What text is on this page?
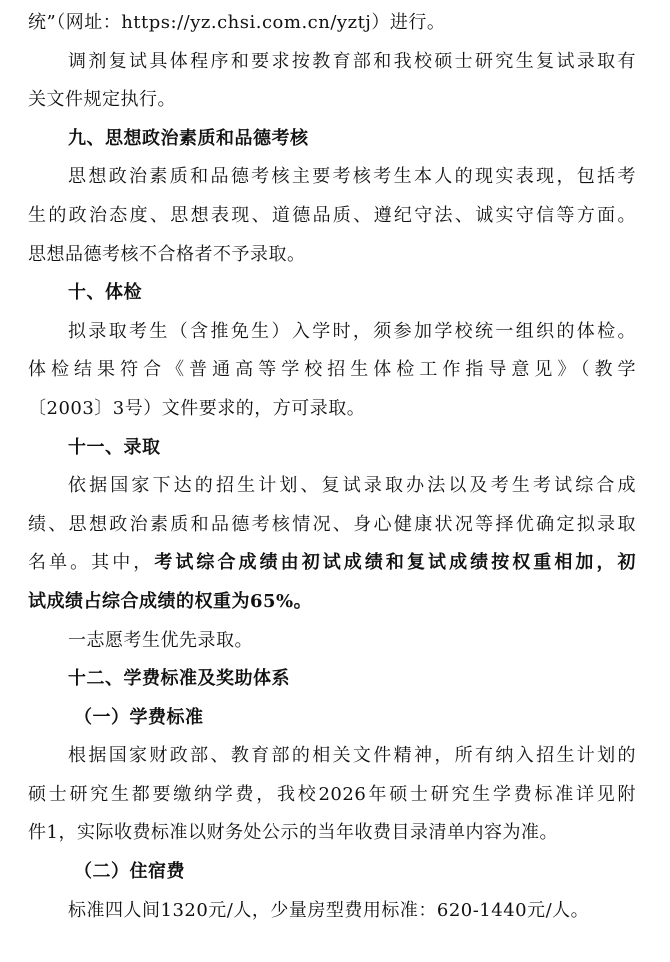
统”（网址：https://yz.chsi.com.cn/yztj）进行。
调剂复试具体程序和要求按教育部和我校硕士研究生复试录取有
关文件规定执行。
九、思想政治素质和品德考核
思想政治素质和品德考核主要考核考生本人的现实表现，包括考
生的政治态度、思想表现、道德品质、遵纪守法、诚实守信等方面。
思想品德考核不合格者不予录取。
十、体检
拟录取考生（含推免生）入学时，须参加学校统一组织的体检。
体检结果符合《普通高等学校招生体检工作指导意见》（教学
〔2003〕3号）文件要求的，方可录取。
十一、录取
依据国家下达的招生计划、复试录取办法以及考生考试综合成
绩、思想政治素质和品德考核情况、身心健康状况等择优确定拟录取
名单。其中，考试综合成绩由初试成绩和复试成绩按权重相加，初
试成绩占综合成绩的权重为65%。
一志愿考生优先录取。
十二、学费标准及奖助体系
（一）学费标准
根据国家财政部、教育部的相关文件精神，所有纳入招生计划的
硕士研究生都要缴纳学费，我校2026年硕士研究生学费标准详见附
件1，实际收费标准以财务处公示的当年收费目录清单内容为准。
（二）住宿费
标准四人间1320元/人，少量房型费用标准：620-1440元/人。
